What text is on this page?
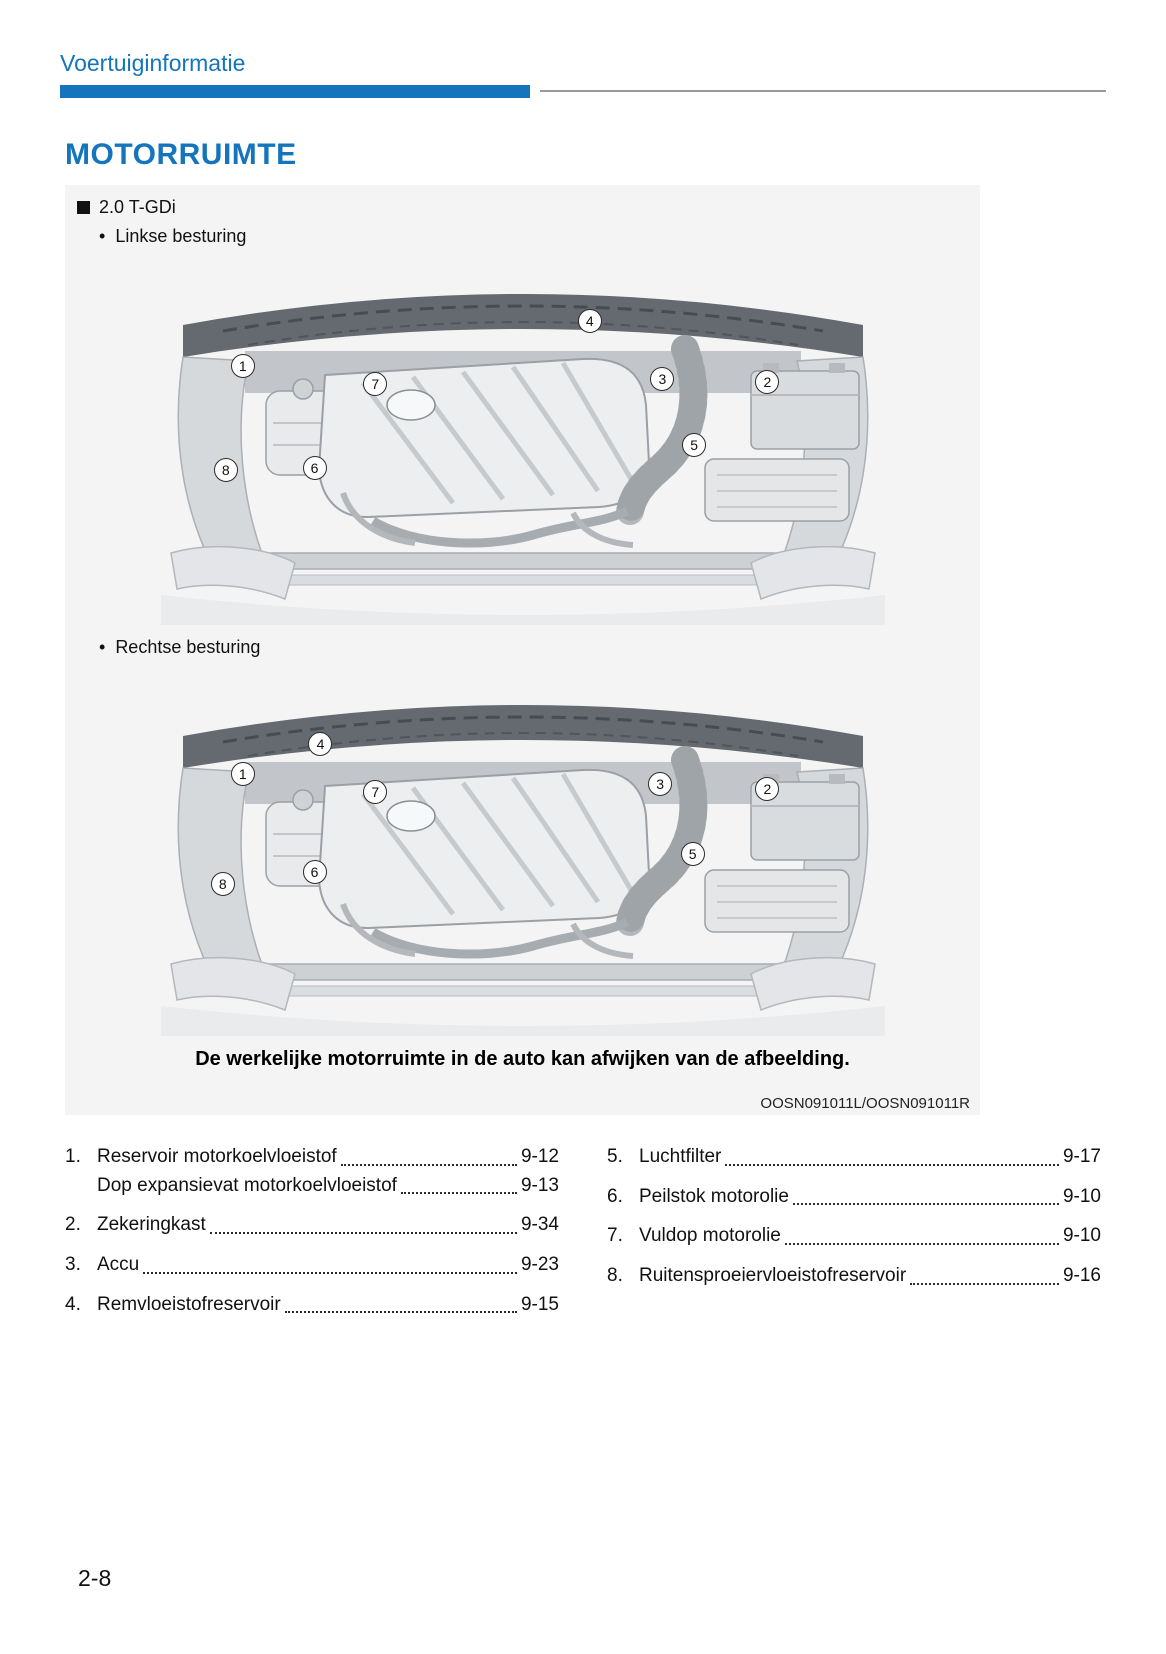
Voertuiginformatie
MOTORRUIMTE
2.0 T-GDi
• Linkse besturing
1
2
3
4
5
6
7
8
• Rechtse besturing
1
2
3
4
5
6
7
8
De werkelijke motorruimte in de auto kan afwijken van de afbeelding.
OOSN091011L/OOSN091011R
1. Reservoir motorkoelvloeistof	9-12
Dop expansievat motorkoelvloeistof	9-13
2. Zekeringkast	9-34
3. Accu	9-23
4. Remvloeistofreservoir	9-15
5. Luchtfilter	9-17
6. Peilstok motorolie	9-10
7. Vuldop motorolie	9-10
8. Ruitensproeiervloeistofreservoir	9-16
2-8
